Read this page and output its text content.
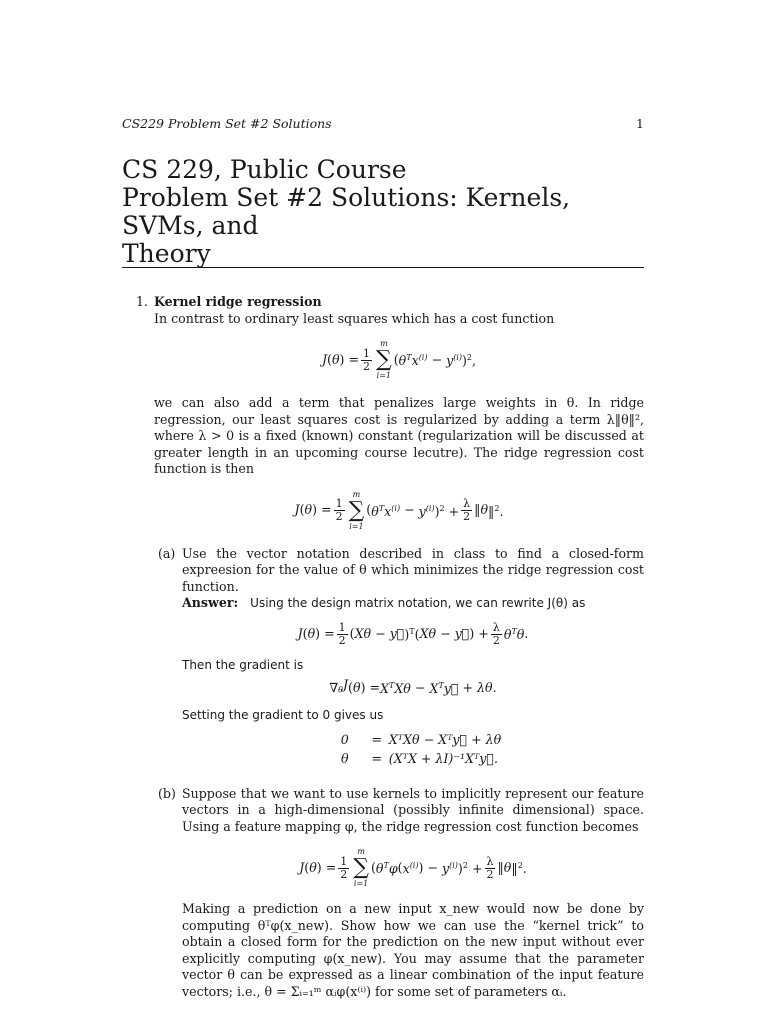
CS229 Problem Set #2 Solutions	1
CS 229, Public Course
Problem Set #2 Solutions: Kernels, SVMs, and
Theory
1. Kernel ridge regression

In contrast to ordinary least squares which has a cost function

J ( θ ) = $\frac{1}{2}$
m
∑
i=1
( $\theta^Tx^{(i)} - y^{(i)}$ )$^2$,

we can also add a term that penalizes large weights in θ. In ridge regression, our least squares cost is regularized by adding a term λ‖θ‖², where λ > 0 is a fixed (known) constant (regularization will be discussed at greater length in an upcoming course lecutre). The ridge regression cost function is then

J ( θ ) = $\frac{1}{2}$
m
∑
i=1
( $\theta^Tx^{(i)} - y^{(i)}$ )$^2 + \frac{\lambda}{2}$ ‖ θ ‖$^2$.
(a) Use the vector notation described in class to find a closed-form expreesion for the value of θ which minimizes the ridge regression cost function.

Answer: Using the design matrix notation, we can rewrite J(θ) as

J ( θ ) = $\frac{1}{2}$ ( Xθ − y⃗ )$^T$( Xθ − y⃗ ) + $\frac{\lambda}{2} \theta^T\theta$ .

Then the gradient is

∇ $_\theta$J ( θ ) = $X^TX\theta$ − $X^Ty⃗ + \lambda\theta$ .

Setting the gradient to 0 gives us

0	= XᵀXθ − Xᵀy⃗ + λθ
θ	= (XᵀX + λI)⁻¹Xᵀy⃗.
(b) Suppose that we want to use kernels to implicitly represent our feature vectors in a high-dimensional (possibly infinite dimensional) space. Using a feature mapping φ, the ridge regression cost function becomes

J ( θ ) = $\frac{1}{2}$
m
∑
i=1
( $\theta^T\varphi$ ( $x^{(i)}$ ) − $y^{(i)}$ )$^2 + \frac{\lambda}{2}$ ‖ θ ‖$^2$.

Making a prediction on a new input x_new would now be done by computing θᵀφ(x_new). Show how we can use the “kernel trick” to obtain a closed form for the prediction on the new input without ever explicitly computing φ(x_new). You may assume that the parameter vector θ can be expressed as a linear combination of the input feature vectors; i.e., θ = Σᵢ₌₁ᵐ αᵢφ(x⁽ⁱ⁾) for some set of parameters αᵢ.
